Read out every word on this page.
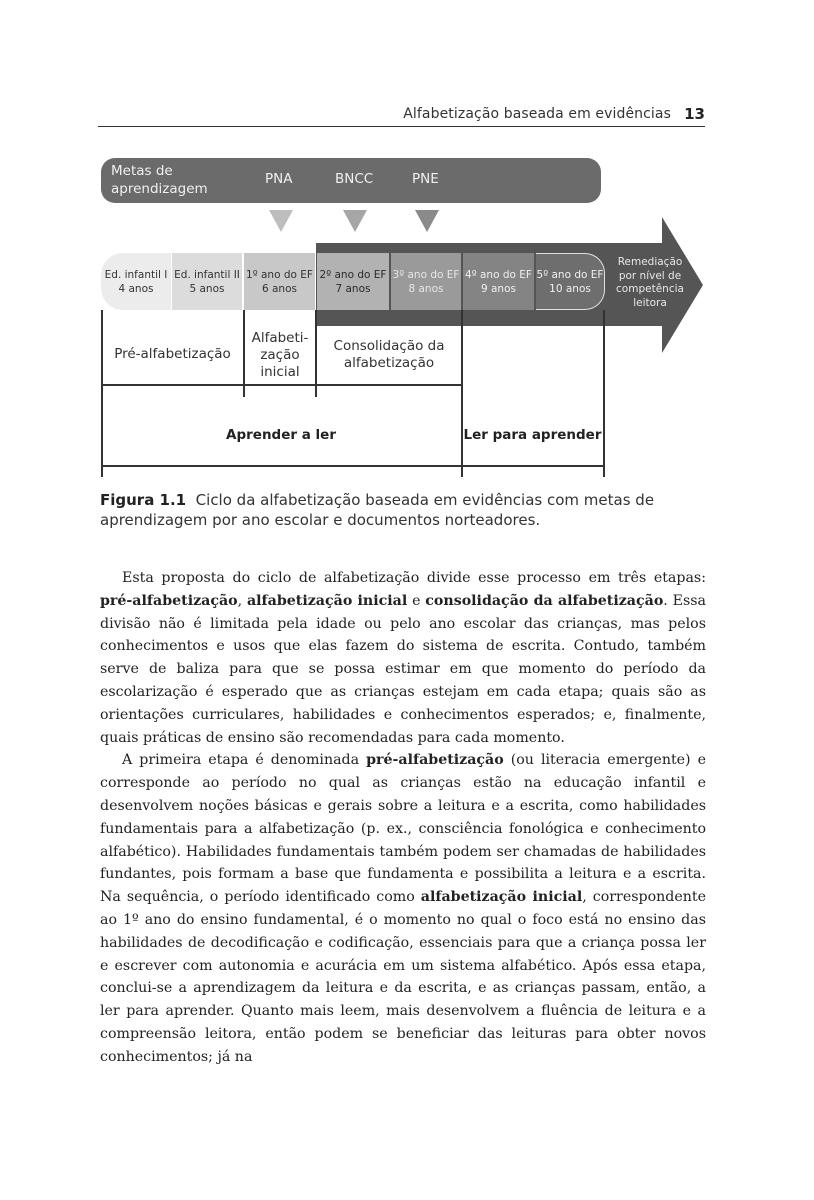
Alfabetização baseada em evidências 13
Metas de
aprendizagem
PNA	BNCC	PNE
Ed. infantil I
4 anos
Ed. infantil II
5 anos
1º ano do EF
6 anos
2º ano do EF
7 anos
3º ano do EF
8 anos
4º ano do EF
9 anos
5º ano do EF
10 anos
Remediação
por nível de
competência
leitora
Pré-alfabetização
Alfabeti-
zação
inicial
Consolidação da
alfabetização
Aprender a ler	Ler para aprender
Figura 1.1 Ciclo da alfabetização baseada em evidências com metas de aprendizagem por ano escolar e documentos norteadores.

Esta proposta do ciclo de alfabetização divide esse processo em três etapas: pré-alfabetização, alfabetização inicial e consolidação da alfabetização. Essa divisão não é limitada pela idade ou pelo ano escolar das crianças, mas pelos conhecimentos e usos que elas fazem do sistema de escrita. Contudo, também serve de baliza para que se possa estimar em que momento do período da escolarização é esperado que as crianças estejam em cada etapa; quais são as orientações curriculares, habilidades e conhecimentos esperados; e, finalmente, quais práticas de ensino são recomendadas para cada momento.

A primeira etapa é denominada pré-alfabetização (ou literacia emergente) e corresponde ao período no qual as crianças estão na educação infantil e desenvolvem noções básicas e gerais sobre a leitura e a escrita, como habilidades fundamentais para a alfabetização (p. ex., consciência fonológica e conhecimento alfabético). Habilidades fundamentais também podem ser chamadas de habilidades fundantes, pois formam a base que fundamenta e possibilita a leitura e a escrita. Na sequência, o período identificado como alfabetização inicial, correspondente ao 1º ano do ensino fundamental, é o momento no qual o foco está no ensino das habilidades de decodificação e codificação, essenciais para que a criança possa ler e escrever com autonomia e acurácia em um sistema alfabético. Após essa etapa, conclui-se a aprendizagem da leitura e da escrita, e as crianças passam, então, a ler para aprender. Quanto mais leem, mais desenvolvem a fluência de leitura e a compreensão leitora, então podem se beneficiar das leituras para obter novos conhecimentos; já na
